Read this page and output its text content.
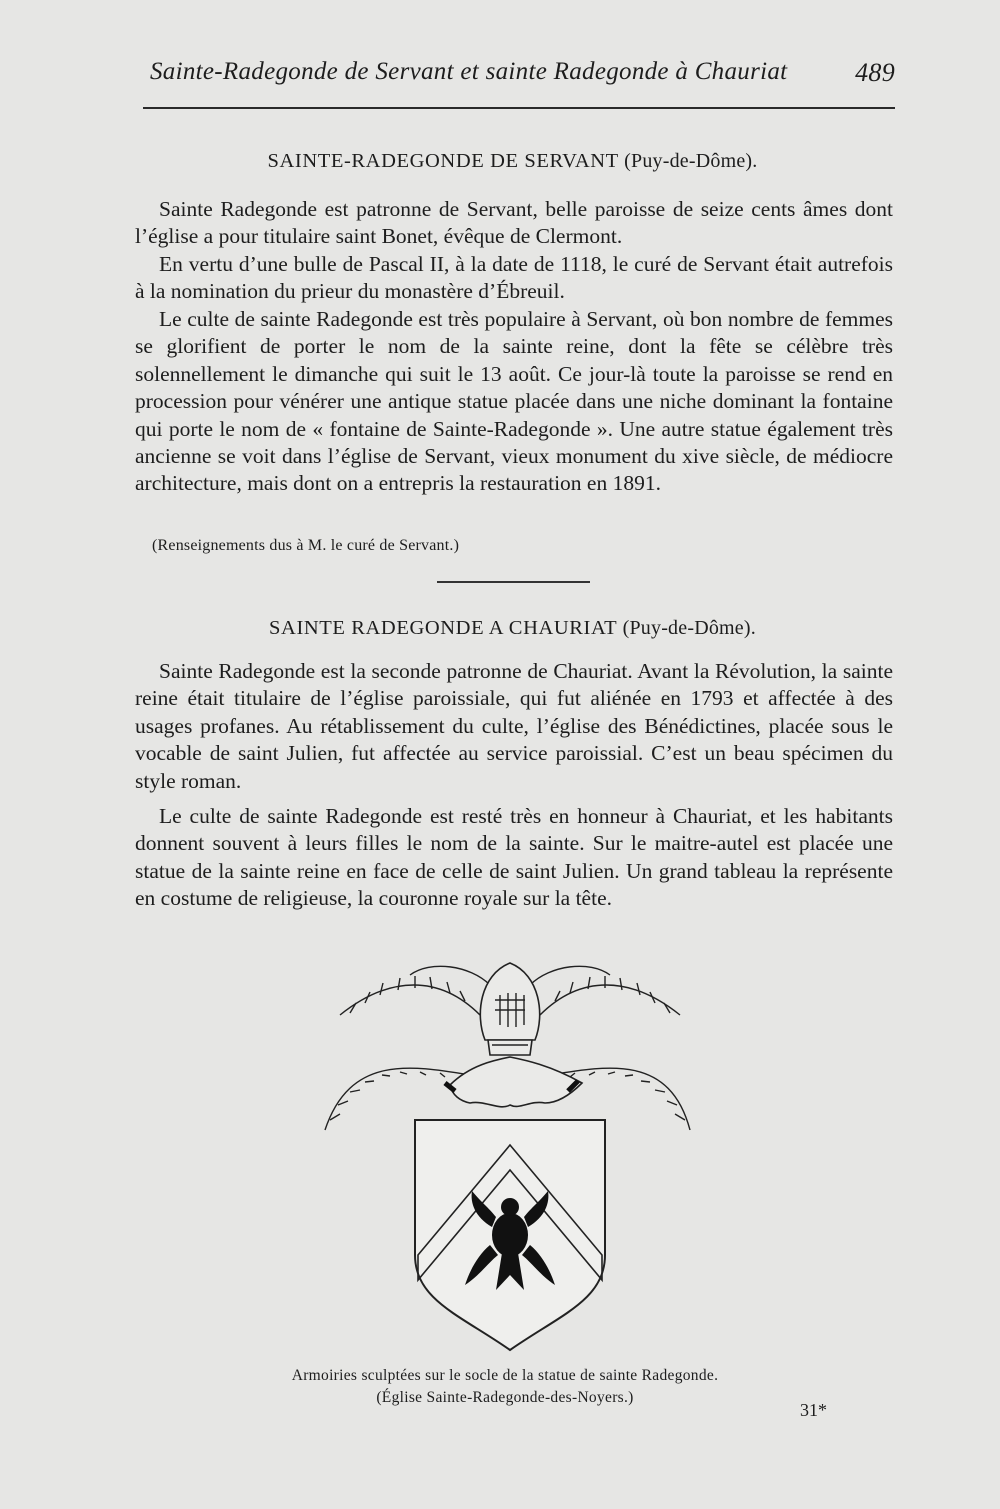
Sainte-Radegonde de Servant et sainte Radegonde à Chauriat	489
SAINTE-RADEGONDE DE SERVANT (Puy-de-Dôme).

Sainte Radegonde est patronne de Servant, belle paroisse de seize cents âmes dont l’église a pour titulaire saint Bonet, évêque de Clermont.

En vertu d’une bulle de Pascal II, à la date de 1118, le curé de Servant était autrefois à la nomination du prieur du monastère d’Ébreuil.

Le culte de sainte Radegonde est très populaire à Servant, où bon nombre de femmes se glorifient de porter le nom de la sainte reine, dont la fête se célèbre très solennellement le dimanche qui suit le 13 août. Ce jour-là toute la paroisse se rend en procession pour vénérer une antique statue placée dans une niche dominant la fontaine qui porte le nom de « fontaine de Sainte-Radegonde ». Une autre statue également très ancienne se voit dans l’église de Servant, vieux monument du xive siècle, de médiocre architecture, mais dont on a entrepris la restauration en 1891.

(Renseignements dus à M. le curé de Servant.)
SAINTE RADEGONDE A CHAURIAT (Puy-de-Dôme).

Sainte Radegonde est la seconde patronne de Chauriat. Avant la Révolution, la sainte reine était titulaire de l’église paroissiale, qui fut aliénée en 1793 et affectée à des usages profanes. Au rétablissement du culte, l’église des Bénédictines, placée sous le vocable de saint Julien, fut affectée au service paroissial. C’est un beau spécimen du style roman.

Le culte de sainte Radegonde est resté très en honneur à Chauriat, et les habitants donnent souvent à leurs filles le nom de la sainte. Sur le maitre-autel est placée une statue de la sainte reine en face de celle de saint Julien. Un grand tableau la représente en costume de religieuse, la couronne royale sur la tête.

Armoiries sculptées sur le socle de la statue de sainte Radegonde.
(Église Sainte-Radegonde-des-Noyers.)
31*
